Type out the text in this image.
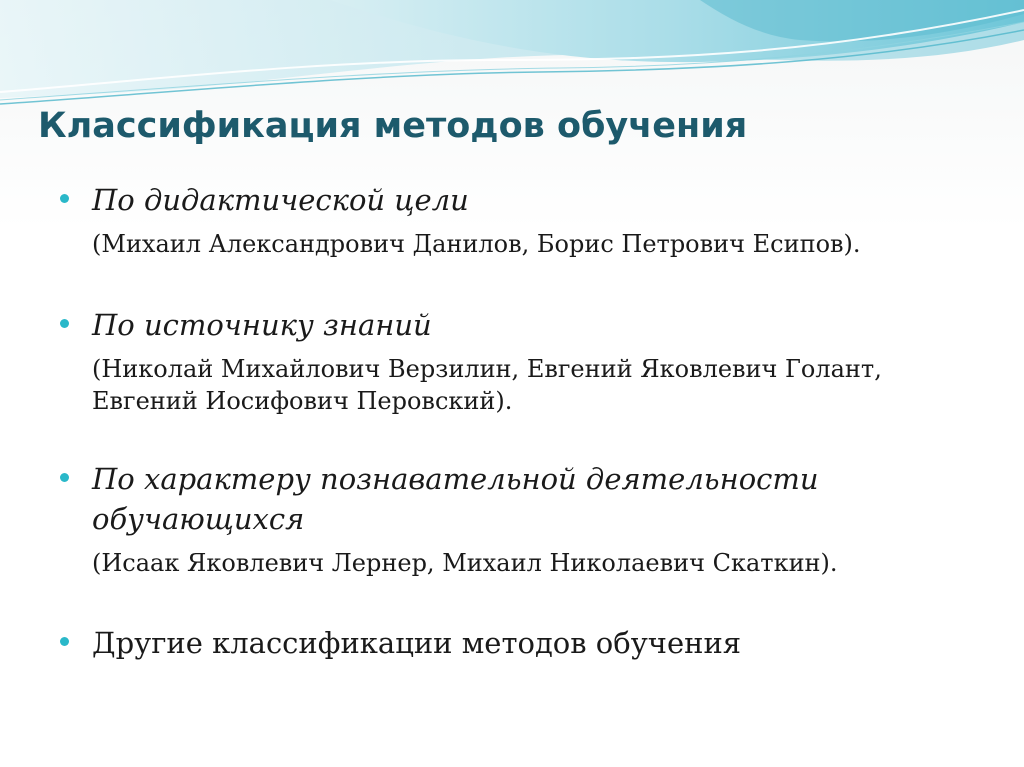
Классификация методов обучения
По дидактической цели
(Михаил Александрович Данилов, Борис Петрович Есипов).
По источнику знаний
(Николай Михайлович Верзилин, Евгений Яковлевич Голант, Евгений Иосифович Перовский).
По характеру познавательной деятельности обучающихся
(Исаак Яковлевич Лернер, Михаил Николаевич Скаткин).
Другие классификации методов обучения
